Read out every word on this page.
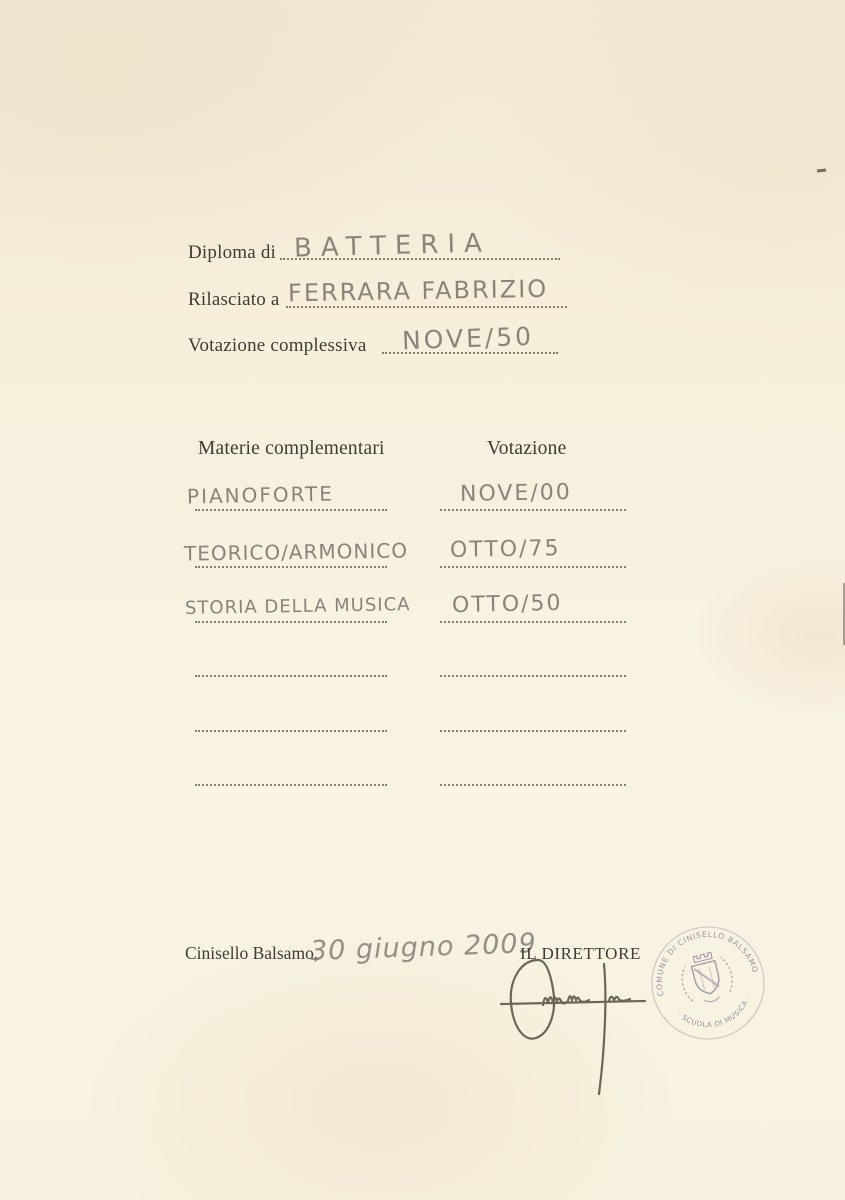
Diploma di BATTERIA
Rilasciato a FERRARA FABRIZIO
Votazione complessiva NOVE/50
Materie complementari	Votazione
PIANOFORTE	NOVE/00
TEORICO/ARMONICO OTTO/75
STORIA DELLA MUSICA OTTO/50
Cinisello Balsamo,
30 giugno 2009
IL DIRETTORE
COMUNE DI CINISELLO BALSAMO
· SCUOLA DI MUSICA ·
